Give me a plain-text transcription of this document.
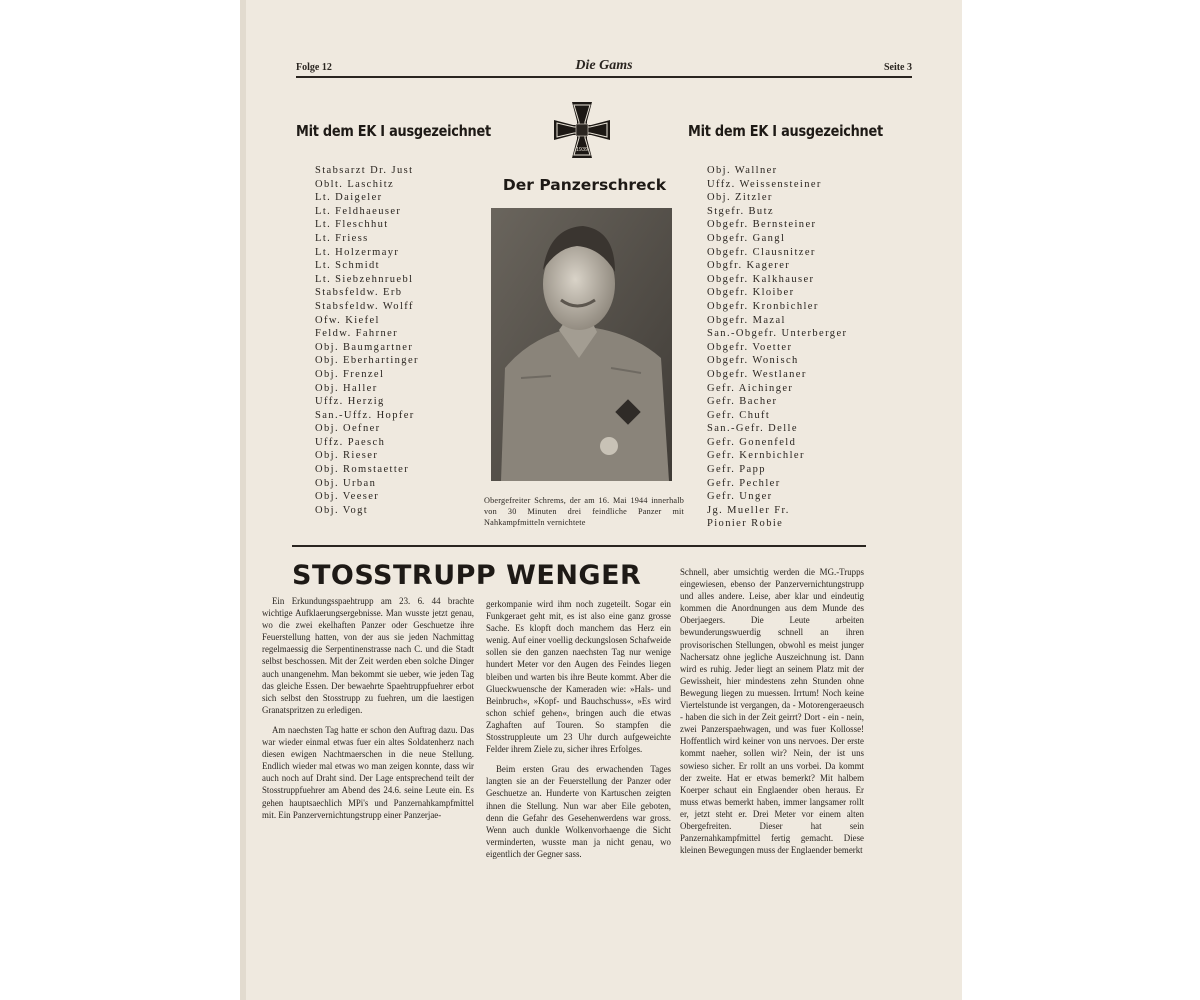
Folge 12	Die Gams	Seite 3
Mit dem EK I ausgezeichnet	Mit dem EK I ausgezeichnet
1939
Stabsarzt Dr. Just
Oblt. Laschitz
Lt. Daigeler
Lt. Feldhaeuser
Lt. Fleschhut
Lt. Friess
Lt. Holzermayr
Lt. Schmidt
Lt. Siebzehnruebl
Stabsfeldw. Erb
Stabsfeldw. Wolff
Ofw. Kiefel
Feldw. Fahrner
Obj. Baumgartner
Obj. Eberhartinger
Obj. Frenzel
Obj. Haller
Uffz. Herzig
San.-Uffz. Hopfer
Obj. Oefner
Uffz. Paesch
Obj. Rieser
Obj. Romstaetter
Obj. Urban
Obj. Veeser
Obj. Vogt
Obj. Wallner
Uffz. Weissensteiner
Obj. Zitzler
Stgefr. Butz
Obgefr. Bernsteiner
Obgefr. Gangl
Obgefr. Clausnitzer
Obgfr. Kagerer
Obgefr. Kalkhauser
Obgefr. Kloiber
Obgefr. Kronbichler
Obgefr. Mazal
San.-Obgefr. Unterberger
Obgefr. Voetter
Obgefr. Wonisch
Obgefr. Westlaner
Gefr. Aichinger
Gefr. Bacher
Gefr. Chuft
San.-Gefr. Delle
Gefr. Gonenfeld
Gefr. Kernbichler
Gefr. Papp
Gefr. Pechler
Gefr. Unger
Jg. Mueller Fr.
Pionier Robie
Der Panzerschreck
Obergefreiter Schrems, der am 16. Mai 1944 innerhalb von 30 Minuten drei feindliche Panzer mit Nahkampfmitteln vernichtete
STOSSTRUPP WENGER

Ein Erkundungsspaehtrupp am 23. 6. 44 brachte wichtige Aufklaerungsergebnisse. Man wusste jetzt genau, wo die zwei ekelhaften Panzer oder Geschuetze ihre Feuerstellung hatten, von der aus sie jeden Nachmittag regelmaessig die Serpentinenstrasse nach C. und die Stadt selbst beschossen. Mit der Zeit werden eben solche Dinger auch unangenehm. Man bekommt sie ueber, wie jeden Tag das gleiche Essen. Der bewaehrte Spaehtruppfuehrer erbot sich selbst den Stosstrupp zu fuehren, um die laestigen Granatspritzen zu erledigen.

Am naechsten Tag hatte er schon den Auftrag dazu. Das war wieder einmal etwas fuer ein altes Soldatenherz nach diesen ewigen Nachtmaerschen in die neue Stellung. Endlich wieder mal etwas wo man zeigen konnte, dass wir auch noch auf Draht sind. Der Lage entsprechend teilt der Stosstruppfuehrer am Abend des 24.6. seine Leute ein. Es gehen hauptsaechlich MPi's und Panzernahkampfmittel mit. Ein Panzervernichtungstrupp einer Panzerjae-

gerkompanie wird ihm noch zugeteilt. Sogar ein Funkgeraet geht mit, es ist also eine ganz grosse Sache. Es klopft doch manchem das Herz ein wenig. Auf einer voellig deckungslosen Schafweide sollen sie den ganzen naechsten Tag nur wenige hundert Meter vor den Augen des Feindes liegen bleiben und warten bis ihre Beute kommt. Aber die Glueckwuensche der Kameraden wie: »Hals- und Beinbruch«, »Kopf- und Bauchschuss«, »Es wird schon schief gehen«, bringen auch die etwas Zaghaften auf Touren. So stampfen die Stosstruppleute um 23 Uhr durch aufgeweichte Felder ihrem Ziele zu, sicher ihres Erfolges.

Beim ersten Grau des erwachenden Tages langten sie an der Feuerstellung der Panzer oder Geschuetze an. Hunderte von Kartuschen zeigten ihnen die Stellung. Nun war aber Eile geboten, denn die Gefahr des Gesehenwerdens war gross. Wenn auch dunkle Wolkenvorhaenge die Sicht verminderten, wusste man ja nicht genau, wo eigentlich der Gegner sass.

Schnell, aber umsichtig werden die MG.-Trupps eingewiesen, ebenso der Panzervernichtungstrupp und alles andere. Leise, aber klar und eindeutig kommen die Anordnungen aus dem Munde des Oberjaegers. Die Leute arbeiten bewunderungswuerdig schnell an ihren provisorischen Stellungen, obwohl es meist junger Nachersatz ohne jegliche Auszeichnung ist. Dann wird es ruhig. Jeder liegt an seinem Platz mit der Gewissheit, hier mindestens zehn Stunden ohne Bewegung liegen zu muessen. Irrtum! Noch keine Viertelstunde ist vergangen, da - Motorengeraeusch - haben die sich in der Zeit geirrt? Dort - ein - nein, zwei Panzerspaehwagen, und was fuer Kollosse! Hoffentlich wird keiner von uns nervoes. Der erste kommt naeher, sollen wir? Nein, der ist uns sowieso sicher. Er rollt an uns vorbei. Da kommt der zweite. Hat er etwas bemerkt? Mit halbem Koerper schaut ein Englaender oben heraus. Er muss etwas bemerkt haben, immer langsamer rollt er, jetzt steht er. Drei Meter vor einem alten Obergefreiten. Dieser hat sein Panzernahkampfmittel fertig gemacht. Diese kleinen Bewegungen muss der Englaender bemerkt
